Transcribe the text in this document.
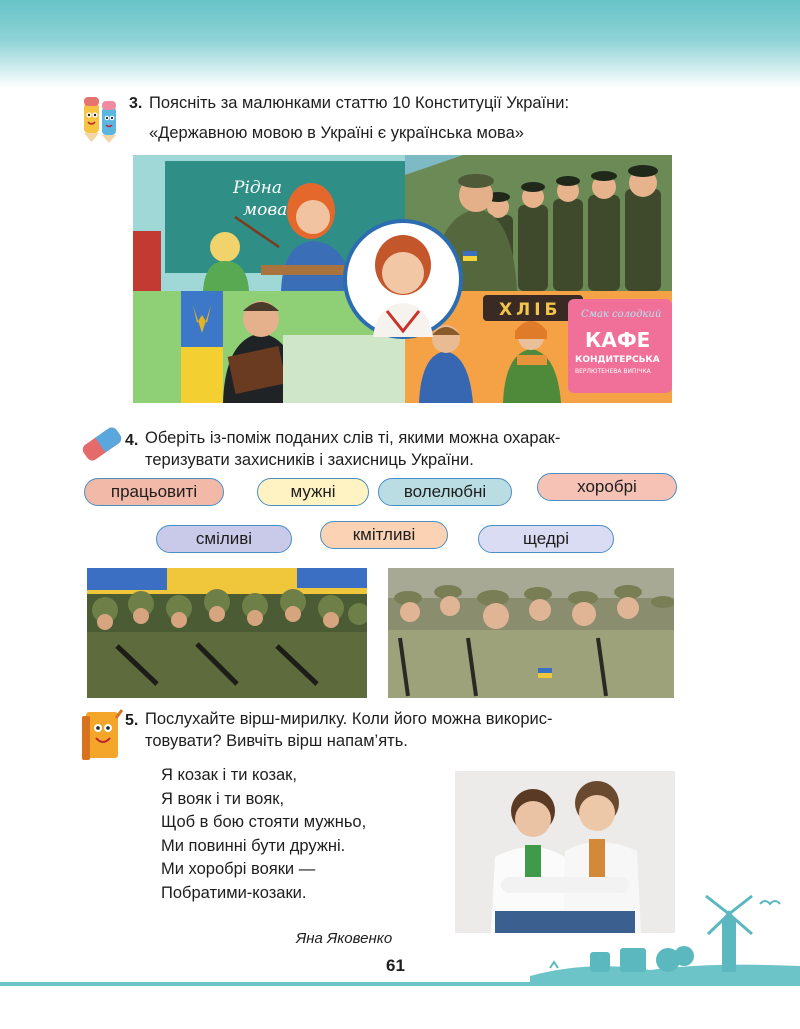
3. Поясніть за малюнками статтю 10 Конституції України:
«Державною мовою в Україні є українська мова»
Рідна
мова
ХЛІБ Смак солодкий
КАФЕ
КОНДИТЕРСЬКА
ВЕРЛЮТЕНЕВА ВИПІЧКА
4. Оберіть із-поміж поданих слів ті, якими можна охарак-
теризувати захисників і захисниць України.
працьовиті	мужні	волелюбні	хоробрі
сміливі	кмітливі	щедрі
5. Послухайте вірш-мирилку. Коли його можна викорис-
товувати? Вивчіть вірш напам’ять.
Я козак і ти козак,
Я вояк і ти вояк,
Щоб в бою стояти мужньо,
Ми повинні бути дружні.
Ми хоробрі вояки —
Побратими-козаки.
Яна Яковенко
61
